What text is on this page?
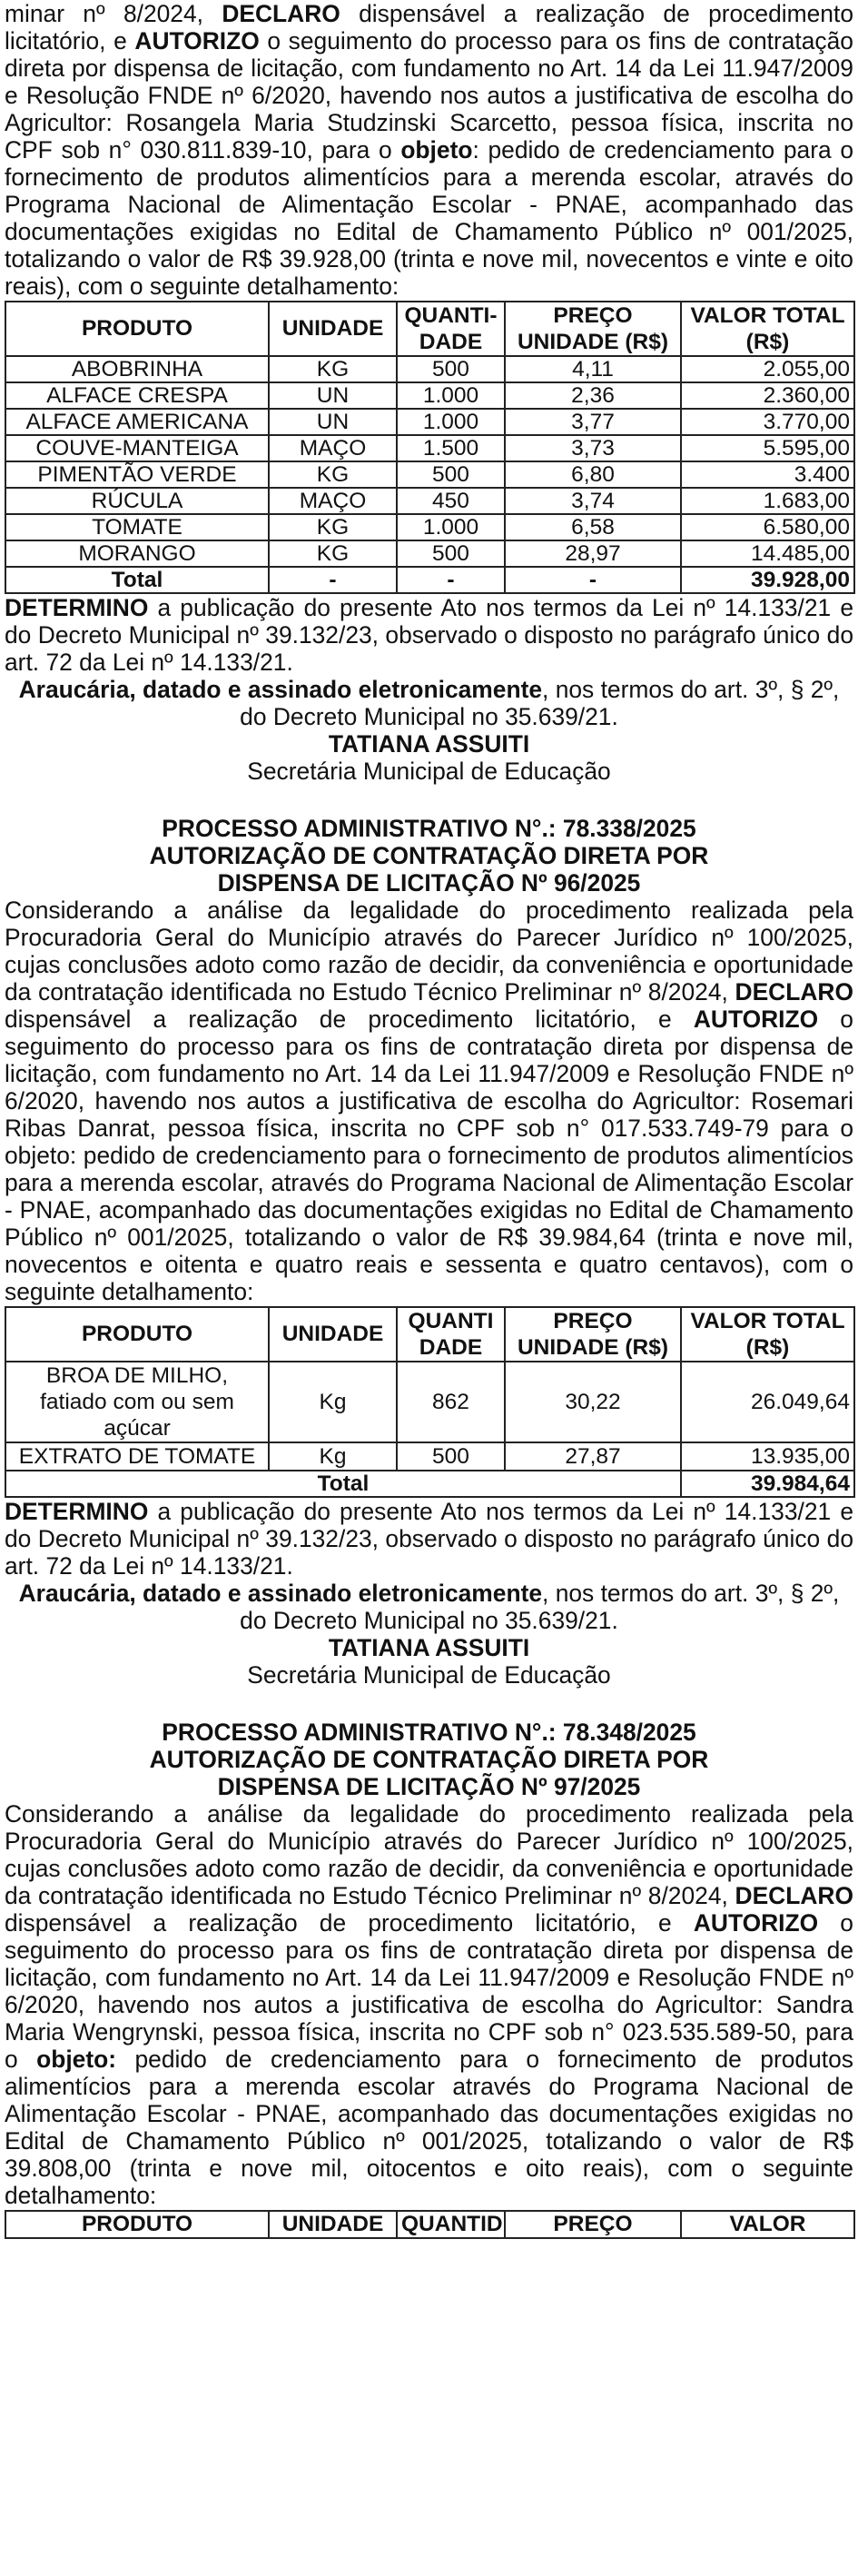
minar nº 8/2024, DECLARO dispensável a realização de procedimento licitatório, e AUTORIZO o seguimento do processo para os fins de contratação direta por dispensa de licitação, com fundamento no Art. 14 da Lei 11.947/2009 e Resolução FNDE nº 6/2020, havendo nos autos a justificativa de escolha do Agricultor: Rosangela Maria Studzinski Scarcetto, pessoa física, inscrita no CPF sob n° 030.811.839-10, para o objeto: pedido de credenciamento para o fornecimento de produtos alimentícios para a merenda escolar, através do Programa Nacional de Alimentação Escolar - PNAE, acompanhado das documentações exigidas no Edital de Chamamento Público nº 001/2025, totalizando o valor de R$ 39.928,00 (trinta e nove mil, novecentos e vinte e oito reais), com o seguinte detalhamento:

PRODUTO	UNIDADE	QUANTI-DADE	PREÇO UNIDADE (R$)	VALOR TOTAL (R$)
ABOBRINHA	KG	500	4,11	2.055,00
ALFACE CRESPA	UN	1.000	2,36	2.360,00
ALFACE AMERICANA	UN	1.000	3,77	3.770,00
COUVE-MANTEIGA	MAÇO	1.500	3,73	5.595,00
PIMENTÃO VERDE	KG	500	6,80	3.400
RÚCULA	MAÇO	450	3,74	1.683,00
TOMATE	KG	1.000	6,58	6.580,00
MORANGO	KG	500	28,97	14.485,00
Total	-	-	-	39.928,00

DETERMINO a publicação do presente Ato nos termos da Lei nº 14.133/21 e do Decreto Municipal nº 39.132/23, observado o disposto no parágrafo único do art. 72 da Lei nº 14.133/21.

Araucária, datado e assinado eletronicamente, nos termos do art. 3º, § 2º, do Decreto Municipal no 35.639/21.

TATIANA ASSUITI

Secretária Municipal de Educação

PROCESSO ADMINISTRATIVO N°.: 78.338/2025

AUTORIZAÇÃO DE CONTRATAÇÃO DIRETA POR

DISPENSA DE LICITAÇÃO Nº 96/2025

Considerando a análise da legalidade do procedimento realizada pela Procuradoria Geral do Município através do Parecer Jurídico nº 100/2025, cujas conclusões adoto como razão de decidir, da conveniência e oportunidade da contratação identificada no Estudo Técnico Preliminar nº 8/2024, DECLARO dispensável a realização de procedimento licitatório, e AUTORIZO o seguimento do processo para os fins de contratação direta por dispensa de licitação, com fundamento no Art. 14 da Lei 11.947/2009 e Resolução FNDE nº 6/2020, havendo nos autos a justificativa de escolha do Agricultor: Rosemari Ribas Danrat, pessoa física, inscrita no CPF sob n° 017.533.749-79 para o objeto: pedido de credenciamento para o fornecimento de produtos alimentícios para a merenda escolar, através do Programa Nacional de Alimentação Escolar - PNAE, acompanhado das documentações exigidas no Edital de Chamamento Público nº 001/2025, totalizando o valor de R$ 39.984,64 (trinta e nove mil, novecentos e oitenta e quatro reais e sessenta e quatro centavos), com o seguinte detalhamento:

PRODUTO	UNIDADE	QUANTIDADE	PREÇO UNIDADE (R$)	VALOR TOTAL (R$)
BROA DE MILHO, fatiado com ou sem açúcar	Kg	862	30,22	26.049,64
EXTRATO DE TOMATE	Kg	500	27,87	13.935,00
Total				39.984,64

DETERMINO a publicação do presente Ato nos termos da Lei nº 14.133/21 e do Decreto Municipal nº 39.132/23, observado o disposto no parágrafo único do art. 72 da Lei nº 14.133/21.

Araucária, datado e assinado eletronicamente, nos termos do art. 3º, § 2º, do Decreto Municipal no 35.639/21.

TATIANA ASSUITI

Secretária Municipal de Educação

PROCESSO ADMINISTRATIVO N°.: 78.348/2025

AUTORIZAÇÃO DE CONTRATAÇÃO DIRETA POR

DISPENSA DE LICITAÇÃO Nº 97/2025

Considerando a análise da legalidade do procedimento realizada pela Procuradoria Geral do Município através do Parecer Jurídico nº 100/2025, cujas conclusões adoto como razão de decidir, da conveniência e oportunidade da contratação identificada no Estudo Técnico Preliminar nº 8/2024, DECLARO dispensável a realização de procedimento licitatório, e AUTORIZO o seguimento do processo para os fins de contratação direta por dispensa de licitação, com fundamento no Art. 14 da Lei 11.947/2009 e Resolução FNDE nº 6/2020, havendo nos autos a justificativa de escolha do Agricultor: Sandra Maria Wengrynski, pessoa física, inscrita no CPF sob n° 023.535.589-50, para o objeto: pedido de credenciamento para o fornecimento de produtos alimentícios para a merenda escolar através do Programa Nacional de Alimentação Escolar - PNAE, acompanhado das documentações exigidas no Edital de Chamamento Público nº 001/2025, totalizando o valor de R$ 39.808,00 (trinta e nove mil, oitocentos e oito reais), com o seguinte detalhamento:

PRODUTO	UNIDADE	QUANTID	PREÇO	VALOR
